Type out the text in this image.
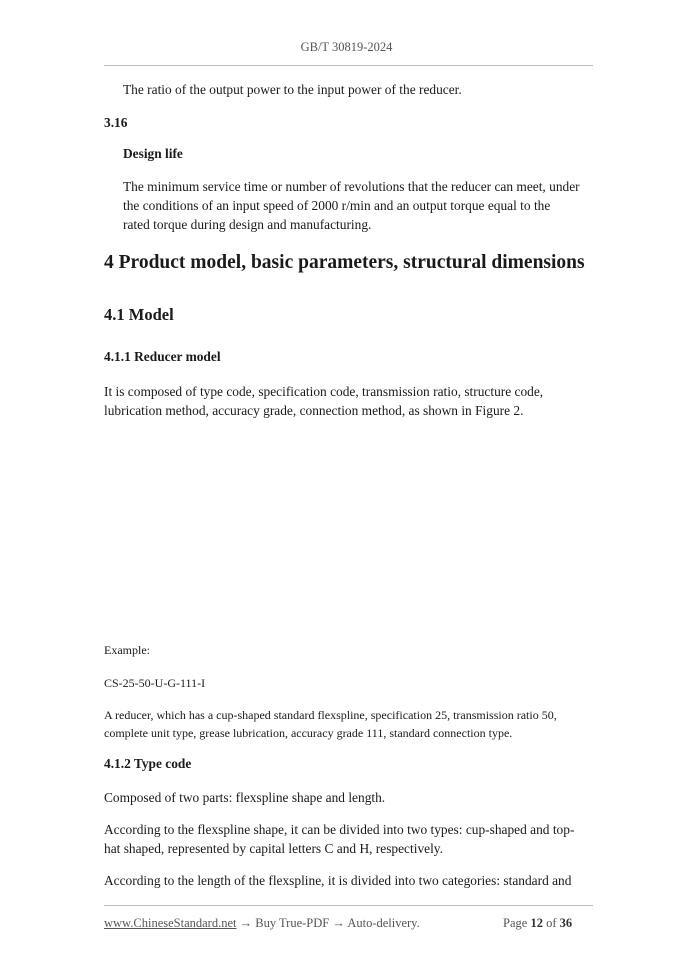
GB/T 30819-2024

The ratio of the output power to the input power of the reducer.

3.16

Design life

The minimum service time or number of revolutions that the reducer can meet, under

the conditions of an input speed of 2000 r/min and an output torque equal to the

rated torque during design and manufacturing.

4 Product model, basic parameters, structural dimensions

4.1 Model

4.1.1 Reducer model

It is composed of type code, specification code, transmission ratio, structure code,

lubrication method, accuracy grade, connection method, as shown in Figure 2.

Example:

CS-25-50-U-G-111-I

A reducer, which has a cup-shaped standard flexspline, specification 25, transmission ratio 50,

complete unit type, grease lubrication, accuracy grade 111, standard connection type.

4.1.2 Type code

Composed of two parts: flexspline shape and length.

According to the flexspline shape, it can be divided into two types: cup-shaped and top-

hat shaped, represented by capital letters C and H, respectively.

According to the length of the flexspline, it is divided into two categories: standard and

www.ChineseStandard.net → Buy True-PDF → Auto-delivery.	Page 12 of 36
